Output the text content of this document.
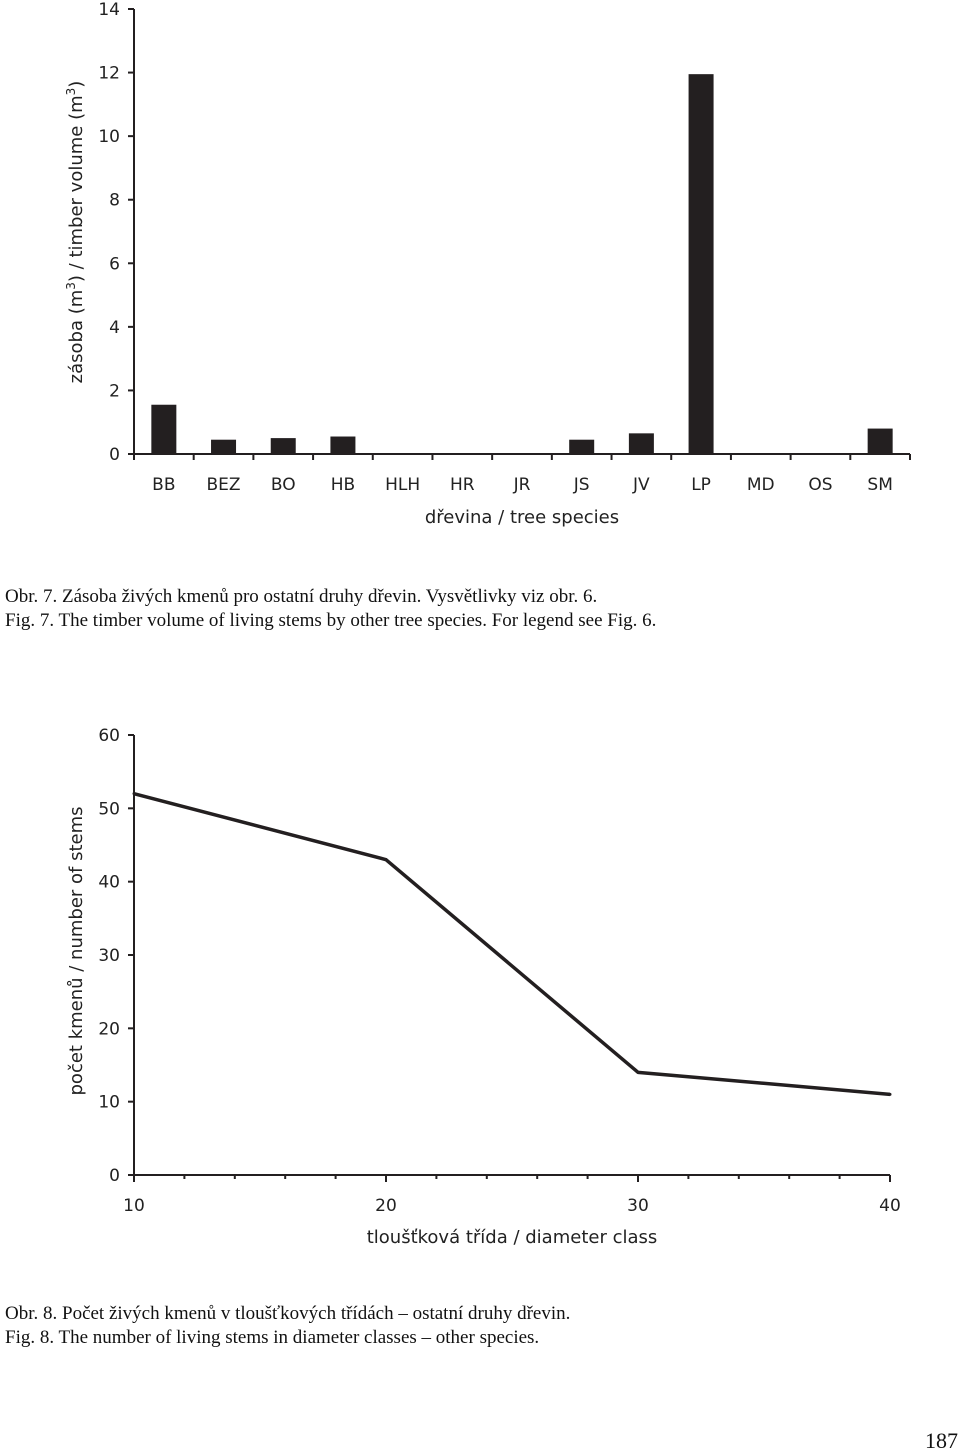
0
2
4
6
8
10
12
14
BB BEZ BO HB HLH HR JR	JS	JV LP MD OS SM
dřevina / tree species
zásoba $(m^3)$ / timber volume $(m^3)$
Obr. 7. Zásoba živých kmenů pro ostatní druhy dřevin. Vysvětlivky viz obr. 6.
Fig. 7. The timber volume of living stems by other tree species. For legend see Fig. 6.
0
10
20
30
40
50
60
10	20	30	40
tloušťková třída / diameter class
počet kmenů / number of stems
Obr. 8. Počet živých kmenů v tloušťkových třídách – ostatní druhy dřevin.
Fig. 8. The number of living stems in diameter classes – other species.
187
